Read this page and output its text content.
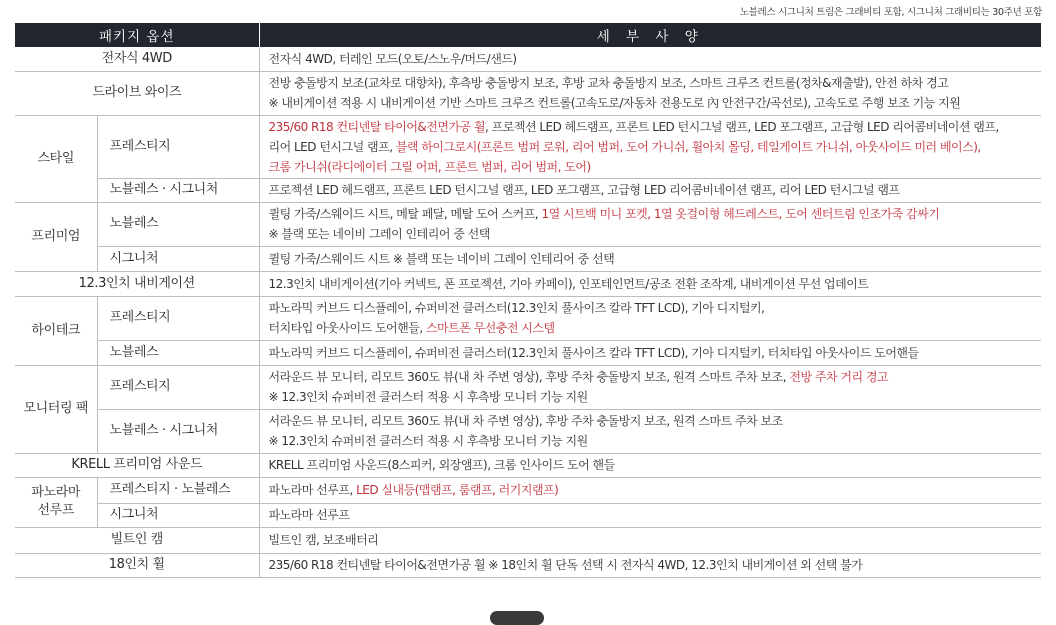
노블레스 시그니처 트림은 그래비티 포함, 시그니처 그래비티는 30주년 포함
패키지 옵션		세 부 사 양
전자식 4WD		전자식 4WD, 터레인 모드(오토/스노우/머드/샌드)

드라이브 와이즈		전방 충돌방지 보조(교차로 대향차), 후측방 충돌방지 보조, 후방 교차 충돌방지 보조, 스마트 크루즈 컨트롤(정차&재출발), 안전 하차 경고
※ 내비게이션 적용 시 내비게이션 기반 스마트 크루즈 컨트롤(고속도로/자동차 전용도로 內 안전구간/곡선로), 고속도로 주행 보조 기능 지원

스타일	프레스티지	235/60 R18 컨티넨탈 타이어&전면가공 휠, 프로젝션 LED 헤드램프, 프론트 LED 턴시그널 램프, LED 포그램프, 고급형 LED 리어콤비네이션 램프,
리어 LED 턴시그널 램프, 블랙 하이그로시(프론트 범퍼 로워, 리어 범퍼, 도어 가니쉬, 휠아치 몰딩, 테일게이트 가니쉬, 아웃사이드 미러 베이스),
크롬 가니쉬(라디에이터 그릴 어퍼, 프론트 범퍼, 리어 범퍼, 도어)

	노블레스 · 시그니처	프로젝션 LED 헤드램프, 프론트 LED 턴시그널 램프, LED 포그램프, 고급형 LED 리어콤비네이션 램프, 리어 LED 턴시그널 램프

프리미엄	노블레스	퀼팅 가죽/스웨이드 시트, 메탈 페달, 메탈 도어 스커프, 1열 시트백 미니 포켓, 1열 옷걸이형 헤드레스트, 도어 센터트림 인조가죽 감싸기
※ 블랙 또는 네이비 그레이 인테리어 중 선택

	시그니처	퀼팅 가죽/스웨이드 시트 ※ 블랙 또는 네이비 그레이 인테리어 중 선택

12.3인치 내비게이션		12.3인치 내비게이션(기아 커넥트, 폰 프로젝션, 기아 카페이), 인포테인먼트/공조 전환 조작계, 내비게이션 무선 업데이트

하이테크	프레스티지	파노라믹 커브드 디스플레이, 슈퍼비전 클러스터(12.3인치 풀사이즈 칼라 TFT LCD), 기아 디지털키,
터치타입 아웃사이드 도어핸들, 스마트폰 무선충전 시스템

	노블레스	파노라믹 커브드 디스플레이, 슈퍼비전 클러스터(12.3인치 풀사이즈 칼라 TFT LCD), 기아 디지털키, 터치타입 아웃사이드 도어핸들

모니터링 팩	프레스티지	서라운드 뷰 모니터, 리모트 360도 뷰(내 차 주변 영상), 후방 주차 충돌방지 보조, 원격 스마트 주차 보조, 전방 주차 거리 경고
※ 12.3인치 슈퍼비전 클러스터 적용 시 후측방 모니터 기능 지원

	노블레스 · 시그니처	서라운드 뷰 모니터, 리모트 360도 뷰(내 차 주변 영상), 후방 주차 충돌방지 보조, 원격 스마트 주차 보조
※ 12.3인치 슈퍼비전 클러스터 적용 시 후측방 모니터 기능 지원

KRELL 프리미엄 사운드		KRELL 프리미엄 사운드(8스피커, 외장앰프), 크롬 인사이드 도어 핸들

파노라마
선루프	프레스티지 · 노블레스	파노라마 선루프, LED 실내등(맵램프, 룸램프, 러기지램프)

	시그니처	파노라마 선루프

빌트인 캠		빌트인 캠, 보조배터리

18인치 휠		235/60 R18 컨티넨탈 타이어&전면가공 휠 ※ 18인치 휠 단독 선택 시 전자식 4WD, 12.3인치 내비게이션 외 선택 불가
